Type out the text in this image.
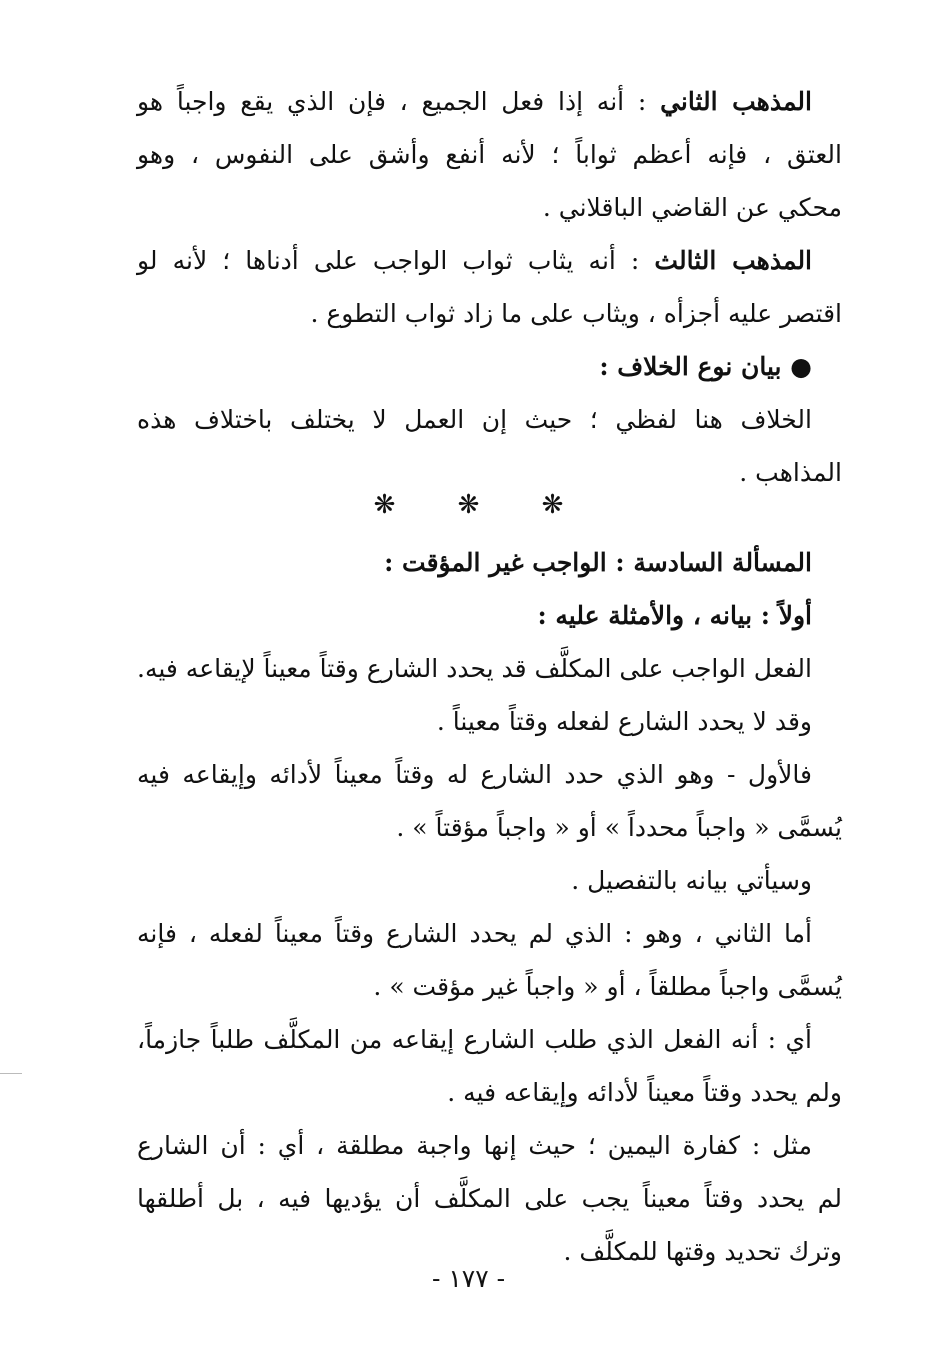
المذهب الثاني : أنه إذا فعل الجميع ، فإن الذي يقع واجباً هو
العتق ، فإنه أعظم ثواباً ؛ لأنه أنفع وأشق على النفوس ، وهو
محكي عن القاضي الباقلاني .
المذهب الثالث : أنه يثاب ثواب الواجب على أدناها ؛ لأنه لو
اقتصر عليه أجزأه ، ويثاب على ما زاد ثواب التطوع .
● بيان نوع الخلاف :
الخلاف هنا لفظي ؛ حيث إن العمل لا يختلف باختلاف هذه
المذاهب .
❋ ❋ ❋
المسألة السادسة : الواجب غير المؤقت :
أولاً : بيانه ، والأمثلة عليه :
الفعل الواجب على المكلَّف قد يحدد الشارع وقتاً معيناً لإيقاعه فيه.
وقد لا يحدد الشارع لفعله وقتاً معيناً .
فالأول - وهو الذي حدد الشارع له وقتاً معيناً لأدائه وإيقاعه فيه
يُسمَّى « واجباً محدداً » أو « واجباً مؤقتاً » .
وسيأتي بيانه بالتفصيل .
أما الثاني ، وهو : الذي لم يحدد الشارع وقتاً معيناً لفعله ، فإنه
يُسمَّى واجباً مطلقاً ، أو « واجباً غير مؤقت » .
أي : أنه الفعل الذي طلب الشارع إيقاعه من المكلَّف طلباً جازماً،
ولم يحدد وقتاً معيناً لأدائه وإيقاعه فيه .
مثل : كفارة اليمين ؛ حيث إنها واجبة مطلقة ، أي : أن الشارع
لم يحدد وقتاً معيناً يجب على المكلَّف أن يؤديها فيه ، بل أطلقها
وترك تحديد وقتها للمكلَّف .
- ١٧٧ -
